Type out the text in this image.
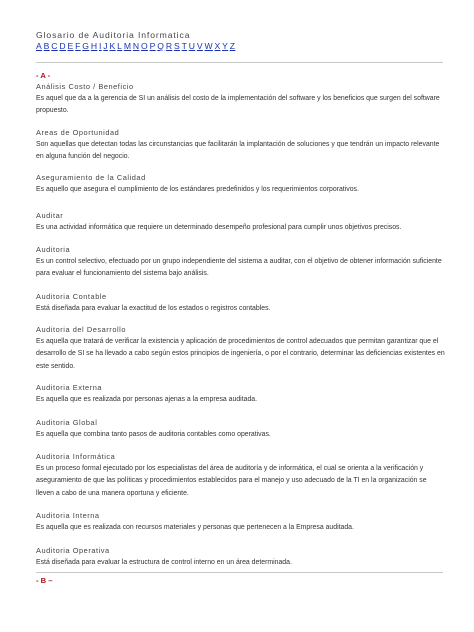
Glosario de Auditoria Informatica
A B C D E F G H I J K L M N O P Q R S T U V W X Y Z
- A -
Análisis Costo / Beneficio
Es aquel que da a la gerencia de SI un análisis del costo de la implementación del software y los beneficios que surgen del software propuesto.
Areas de Oportunidad
Son aquellas que detectan todas las circunstancias que facilitarán la implantación de soluciones y que tendrán un impacto relevante en alguna función del negocio.
Aseguramiento de la Calidad
Es aquello que asegura el cumplimiento de los estándares predefinidos y los requerimientos corporativos.
Auditar
Es una actividad informática que requiere un determinado desempeño profesional para cumplir unos objetivos precisos.
Auditoria
Es un control selectivo, efectuado por un grupo independiente del sistema a auditar, con el objetivo de obtener información suficiente para evaluar el funcionamiento del sistema bajo análisis.
Auditoria Contable
Está diseñada para evaluar la exactitud de los estados o registros contables.
Auditoria del Desarrollo
Es aquella que tratará de verificar la existencia y aplicación de procedimientos de control adecuados que permitan garantizar que el desarrollo de SI se ha llevado a cabo según estos principios de ingeniería, o por el contrario, determinar las deficiencias existentes en este sentido.
Auditoria Externa
Es aquella que es realizada por personas ajenas a la empresa auditada.
Auditoria Global
Es aquella que combina tanto pasos de auditoria contables como operativas.
Auditoria Informática
Es un proceso formal ejecutado por los especialistas del área de auditoría y de informática, el cual se orienta a la verificación y aseguramiento de que las políticas y procedimientos establecidos para el manejo y uso adecuado de la TI en la organización se lleven a cabo de una manera oportuna y eficiente.
Auditoria Interna
Es aquella que es realizada con recursos materiales y personas que pertenecen a la Empresa auditada.
Auditoria Operativa
Está diseñada para evaluar la estructura de control interno en un área determinada.
- B –
